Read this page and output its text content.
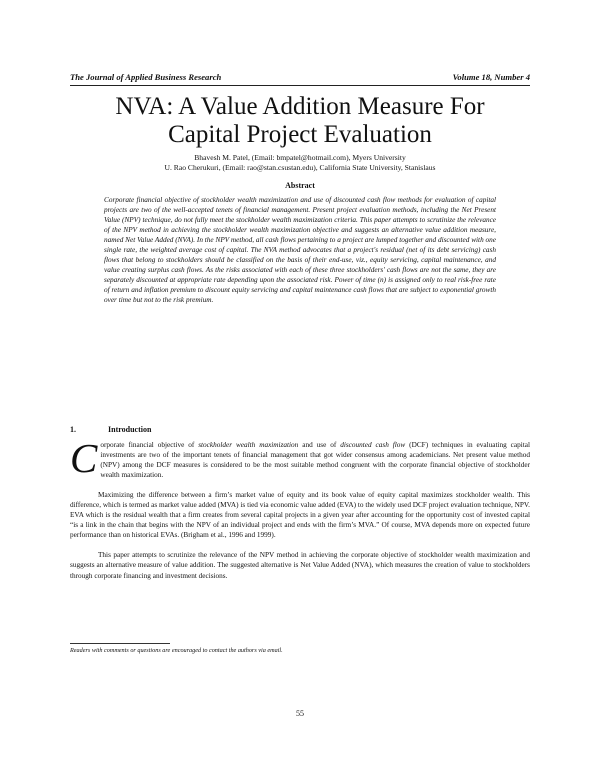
The Journal of Applied Business Research	Volume 18, Number 4
NVA: A Value Addition Measure For
Capital Project Evaluation
Bhavesh M. Patel, (Email: bmpatel@hotmail.com), Myers University
U. Rao Cherukuri, (Email: rao@stan.csustan.edu), California State University, Stanislaus
Abstract

Corporate financial objective of stockholder wealth maximization and use of discounted cash flow methods for evaluation of capital projects are two of the well-accepted tenets of financial management. Present project evaluation methods, including the Net Present Value (NPV) technique, do not fully meet the stockholder wealth maximization criteria. This paper attempts to scrutinize the relevance of the NPV method in achieving the stockholder wealth maximization objective and suggests an alternative value addition measure, named Net Value Added (NVA). In the NPV method, all cash flows pertaining to a project are lumped together and discounted with one single rate, the weighted average cost of capital. The NVA method advocates that a project's residual (net of its debt servicing) cash flows that belong to stockholders should be classified on the basis of their end-use, viz., equity servicing, capital maintenance, and value creating surplus cash flows. As the risks associated with each of these three stockholders' cash flows are not the same, they are separately discounted at appropriate rate depending upon the associated risk. Power of time (n) is assigned only to real risk-free rate of return and inflation premium to discount equity servicing and capital maintenance cash flows that are subject to exponential growth over time but not to the risk premium.

1.	Introduction
C orporate financial objective of stockholder wealth maximization and use of discounted cash flow (DCF) techniques in evaluating capital investments are two of the important tenets of financial management that got wider consensus among academicians. Net present value method (NPV) among the DCF measures is considered to be the most suitable method congruent with the corporate financial objective of stockholder wealth maximization.

Maximizing the difference between a firm’s market value of equity and its book value of equity capital maximizes stockholder wealth. This difference, which is termed as market value added (MVA) is tied via economic value added (EVA) to the widely used DCF project evaluation technique, NPV. EVA which is the residual wealth that a firm creates from several capital projects in a given year after accounting for the opportunity cost of invested capital “is a link in the chain that begins with the NPV of an individual project and ends with the firm’s MVA.” Of course, MVA depends more on expected future performance than on historical EVAs. (Brigham et al., 1996 and 1999).

This paper attempts to scrutinize the relevance of the NPV method in achieving the corporate objective of stockholder wealth maximization and suggests an alternative measure of value addition. The suggested alternative is Net Value Added (NVA), which measures the creation of value to stockholders through corporate financing and investment decisions.

Readers with comments or questions are encouraged to contact the authors via email.
55
